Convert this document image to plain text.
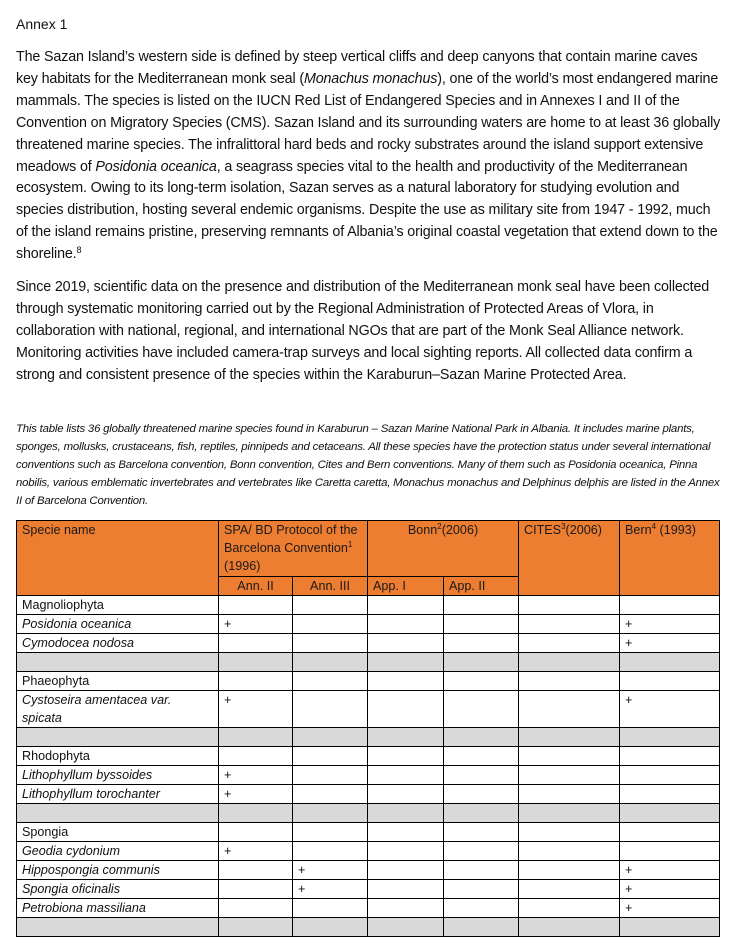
Annex 1

The Sazan Island’s western side is defined by steep vertical cliffs and deep canyons that contain marine caves key habitats for the Mediterranean monk seal (Monachus monachus), one of the world’s most endangered marine mammals. The species is listed on the IUCN Red List of Endangered Species and in Annexes I and II of the Convention on Migratory Species (CMS). Sazan Island and its surrounding waters are home to at least 36 globally threatened marine species. The infralittoral hard beds and rocky substrates around the island support extensive meadows of Posidonia oceanica, a seagrass species vital to the health and productivity of the Mediterranean ecosystem. Owing to its long-term isolation, Sazan serves as a natural laboratory for studying evolution and species distribution, hosting several endemic organisms. Despite the use as military site from 1947 - 1992, much of the island remains pristine, preserving remnants of Albania’s original coastal vegetation that extend down to the shoreline.$^8$

Since 2019, scientific data on the presence and distribution of the Mediterranean monk seal have been collected through systematic monitoring carried out by the Regional Administration of Protected Areas of Vlora, in collaboration with national, regional, and international NGOs that are part of the Monk Seal Alliance network. Monitoring activities have included camera-trap surveys and local sighting reports. All collected data confirm a strong and consistent presence of the species within the Karaburun–Sazan Marine Protected Area.

This table lists 36 globally threatened marine species found in Karaburun – Sazan Marine National Park in Albania. It includes marine plants, sponges, mollusks, crustaceans, fish, reptiles, pinnipeds and cetaceans. All these species have the protection status under several international conventions such as Barcelona convention, Bonn convention, Cites and Bern conventions. Many of them such as Posidonia oceanica, Pinna nobilis, various emblematic invertebrates and vertebrates like Caretta caretta, Monachus monachus and Delphinus delphis are listed in the Annex II of Barcelona Convention.

Specie name	SPA/ BD Protocol of the Barcelona Convention$^1$ (1996)		Bonn$^2$(2006)		CITES$^3$(2006)	Bern$^4$ (1993)
	Ann. II	Ann. III	App. I	App. II		
Magnoliophyta						
Posidonia oceanica	+					+
Cymodocea nodosa						+

Phaeophyta						
Cystoseira amentacea var. spicata	+					+

Rhodophyta						
Lithophyllum byssoides	+					
Lithophyllum torochanter	+					

Spongia						
Geodia cydonium	+					
Hippospongia communis		+				+
Spongia oficinalis		+				+
Petrobiona massiliana						+
